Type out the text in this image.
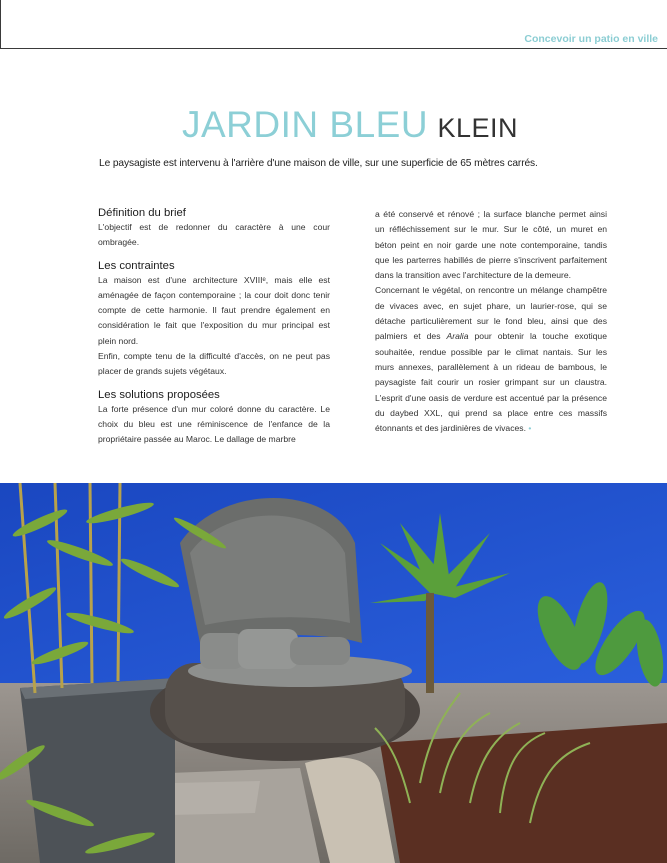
Concevoir un patio en ville
JARDIN BLEU KLEIN
Le paysagiste est intervenu à l'arrière d'une maison de ville, sur une superficie de 65 mètres carrés.
Définition du brief

L'objectif est de redonner du caractère à une cour ombragée.

Les contraintes

La maison est d'une architecture XVIIIᵉ, mais elle est aménagée de façon contemporaine ; la cour doit donc tenir compte de cette harmonie. Il faut prendre également en considération le fait que l'exposition du mur principal est plein nord.

Enfin, compte tenu de la difficulté d'accès, on ne peut pas placer de grands sujets végétaux.

Les solutions proposées

La forte présence d'un mur coloré donne du caractère. Le choix du bleu est une réminiscence de l'enfance de la propriétaire passée au Maroc. Le dallage de marbre

a été conservé et rénové ; la surface blanche permet ainsi un réfléchissement sur le mur. Sur le côté, un muret en béton peint en noir garde une note contemporaine, tandis que les parterres habillés de pierre s'inscrivent parfaitement dans la transition avec l'architecture de la demeure.

Concernant le végétal, on rencontre un mélange champêtre de vivaces avec, en sujet phare, un laurier-rose, qui se détache particulièrement sur le fond bleu, ainsi que des palmiers et des Aralia pour obtenir la touche exotique souhaitée, rendue possible par le climat nantais. Sur les murs annexes, parallèlement à un rideau de bambous, le paysagiste fait courir un rosier grimpant sur un claustra. L'esprit d'une oasis de verdure est accentué par la présence du daybed XXL, qui prend sa place entre ces massifs étonnants et des jardinières de vivaces. •
